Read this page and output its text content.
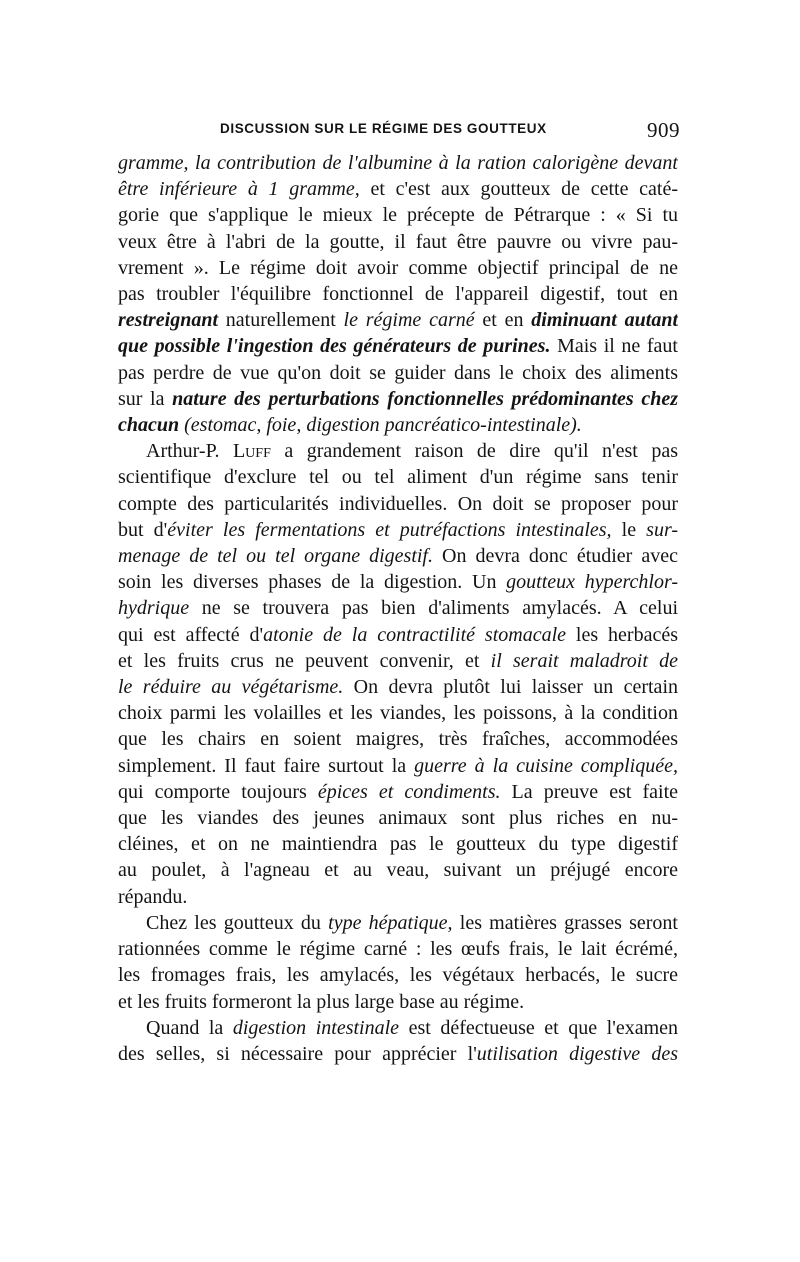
DISCUSSION SUR LE RÉGIME DES GOUTTEUX	909
gramme, la contribution de l'albumine à la ration calorigène devant
être inférieure à 1 gramme, et c'est aux goutteux de cette caté-
gorie que s'applique le mieux le précepte de Pétrarque : « Si tu
veux être à l'abri de la goutte, il faut être pauvre ou vivre pau-
vrement ». Le régime doit avoir comme objectif principal de ne
pas troubler l'équilibre fonctionnel de l'appareil digestif, tout en
restreignant naturellement le régime carné et en diminuant autant
que possible l'ingestion des générateurs de purines. Mais il ne faut
pas perdre de vue qu'on doit se guider dans le choix des aliments
sur la nature des perturbations fonctionnelles prédominantes chez
chacun (estomac, foie, digestion pancréatico-intestinale).
Arthur-P. Luff a grandement raison de dire qu'il n'est pas
scientifique d'exclure tel ou tel aliment d'un régime sans tenir
compte des particularités individuelles. On doit se proposer pour
but d'éviter les fermentations et putréfactions intestinales, le sur-
menage de tel ou tel organe digestif. On devra donc étudier avec
soin les diverses phases de la digestion. Un goutteux hyperchlor-
hydrique ne se trouvera pas bien d'aliments amylacés. A celui
qui est affecté d'atonie de la contractilité stomacale les herbacés
et les fruits crus ne peuvent convenir, et il serait maladroit de
le réduire au végétarisme. On devra plutôt lui laisser un certain
choix parmi les volailles et les viandes, les poissons, à la condition
que les chairs en soient maigres, très fraîches, accommodées
simplement. Il faut faire surtout la guerre à la cuisine compliquée,
qui comporte toujours épices et condiments. La preuve est faite
que les viandes des jeunes animaux sont plus riches en nu-
cléines, et on ne maintiendra pas le goutteux du type digestif
au poulet, à l'agneau et au veau, suivant un préjugé encore
répandu.
Chez les goutteux du type hépatique, les matières grasses seront
rationnées comme le régime carné : les œufs frais, le lait écrémé,
les fromages frais, les amylacés, les végétaux herbacés, le sucre
et les fruits formeront la plus large base au régime.
Quand la digestion intestinale est défectueuse et que l'examen
des selles, si nécessaire pour apprécier l'utilisation digestive des
